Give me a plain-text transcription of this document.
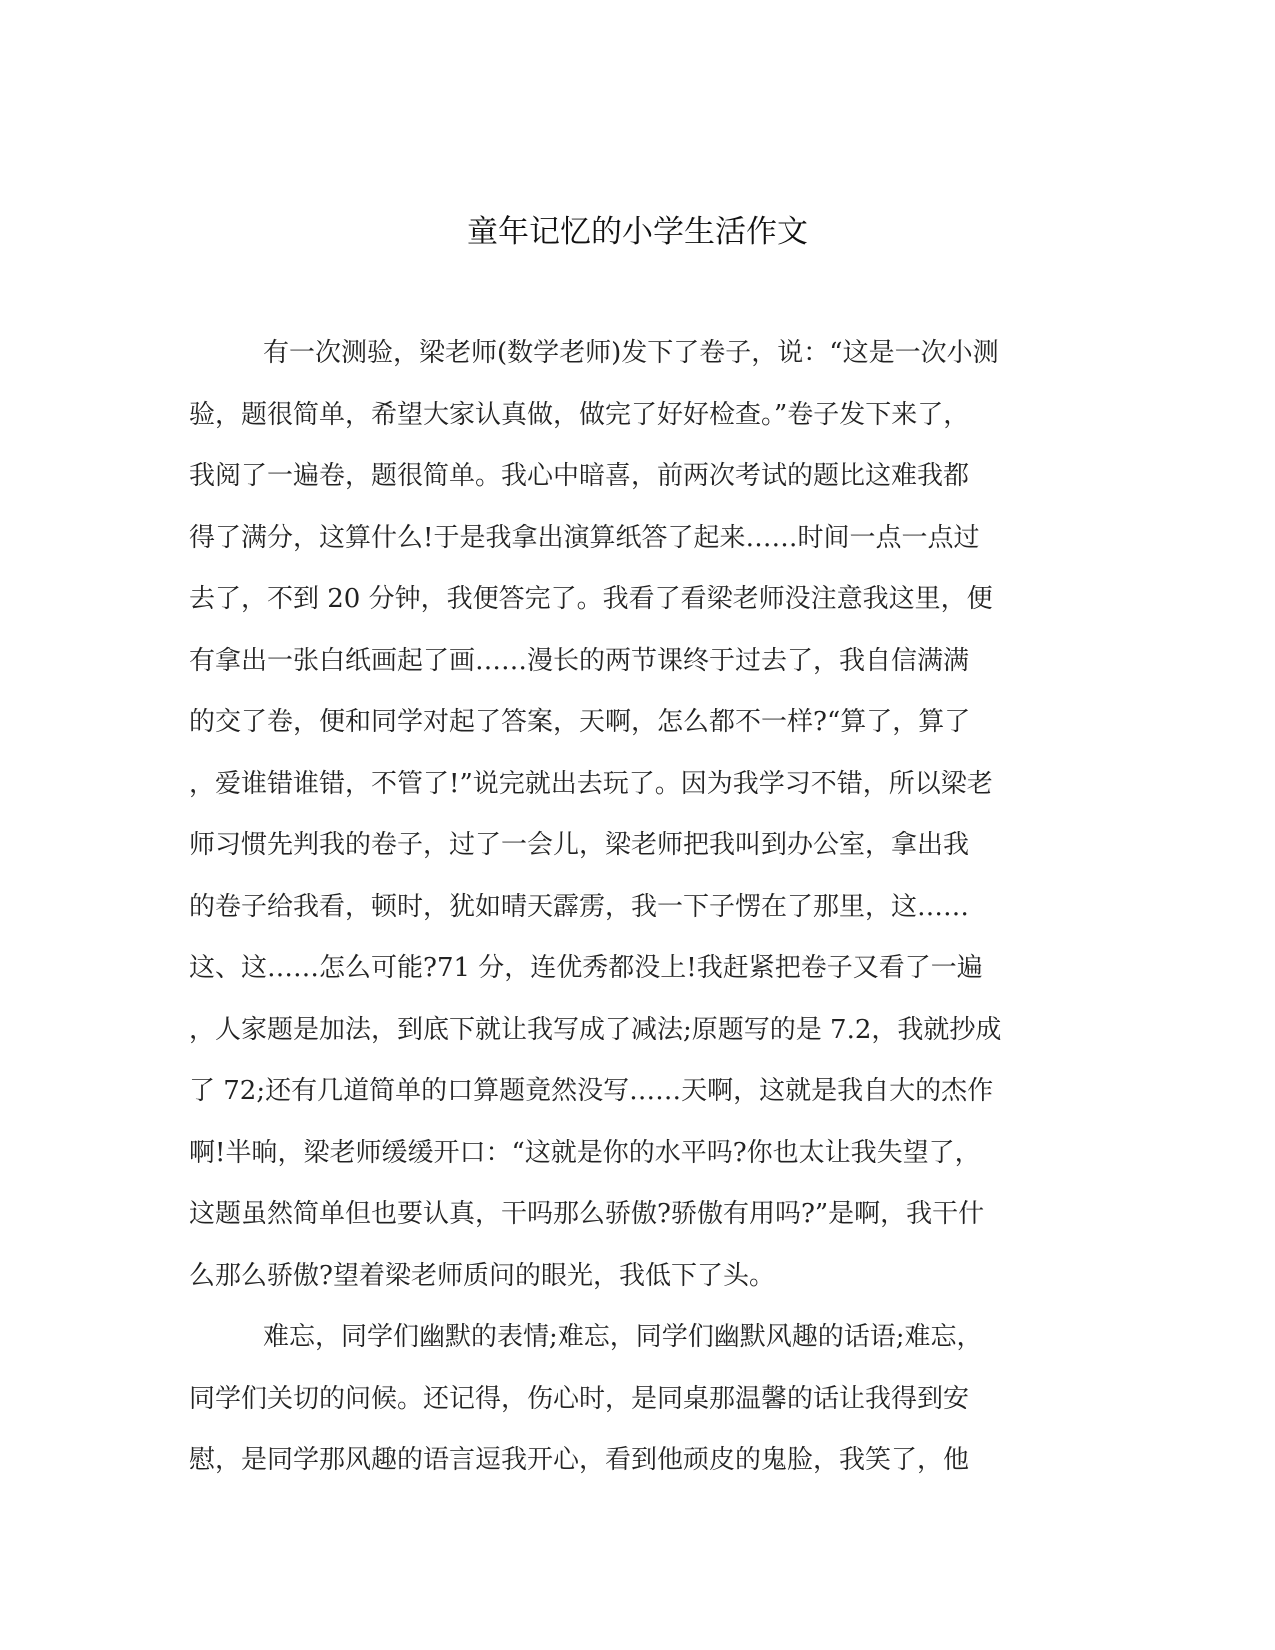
童年记忆的小学生活作文
有一次测验，梁老师(数学老师)发下了卷子，说：“这是一次小测
验，题很简单，希望大家认真做，做完了好好检查。”卷子发下来了，
我阅了一遍卷，题很简单。我心中暗喜，前两次考试的题比这难我都
得了满分，这算什么!于是我拿出演算纸答了起来……时间一点一点过
去了，不到 20 分钟，我便答完了。我看了看梁老师没注意我这里，便
有拿出一张白纸画起了画……漫长的两节课终于过去了，我自信满满
的交了卷，便和同学对起了答案，天啊，怎么都不一样?“算了，算了
，爱谁错谁错，不管了!”说完就出去玩了。因为我学习不错，所以梁老
师习惯先判我的卷子，过了一会儿，梁老师把我叫到办公室，拿出我
的卷子给我看，顿时，犹如晴天霹雳，我一下子愣在了那里，这……
这、这……怎么可能?71 分，连优秀都没上!我赶紧把卷子又看了一遍
，人家题是加法，到底下就让我写成了减法;原题写的是 7.2，我就抄成
了 72;还有几道简单的口算题竟然没写……天啊，这就是我自大的杰作
啊!半晌，梁老师缓缓开口：“这就是你的水平吗?你也太让我失望了，
这题虽然简单但也要认真，干吗那么骄傲?骄傲有用吗?”是啊，我干什
么那么骄傲?望着梁老师质问的眼光，我低下了头。
难忘，同学们幽默的表情;难忘，同学们幽默风趣的话语;难忘，
同学们关切的问候。还记得，伤心时，是同桌那温馨的话让我得到安
慰，是同学那风趣的语言逗我开心，看到他顽皮的鬼脸，我笑了，他
